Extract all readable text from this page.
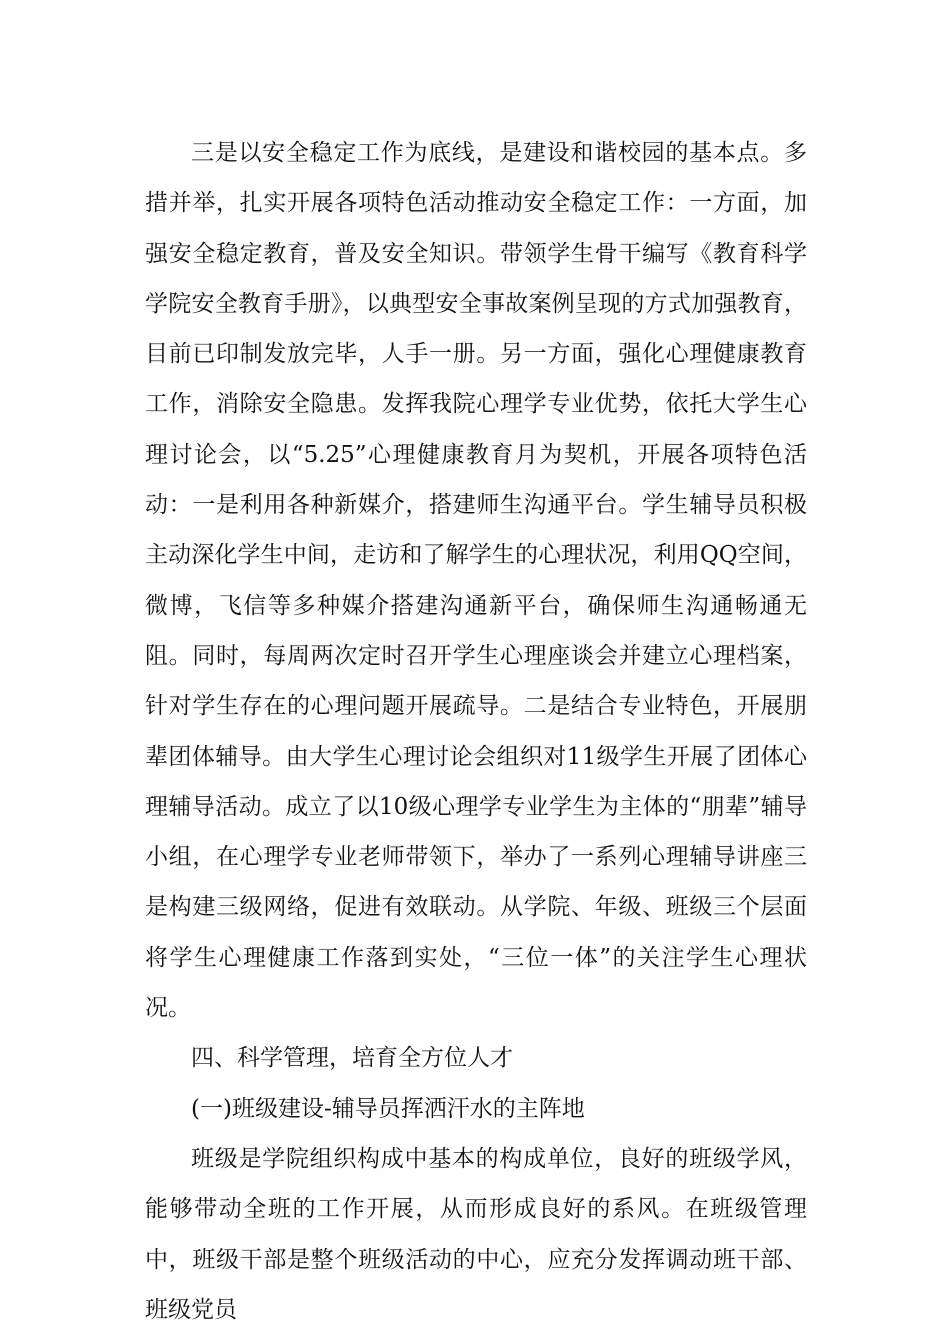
三是以安全稳定工作为底线，是建设和谐校园的基本点。多措并举，扎实开展各项特色活动推动安全稳定工作：一方面，加强安全稳定教育，普及安全知识。带领学生骨干编写《教育科学学院安全教育手册》，以典型安全事故案例呈现的方式加强教育，目前已印制发放完毕，人手一册。另一方面，强化心理健康教育工作，消除安全隐患。发挥我院心理学专业优势，依托大学生心理讨论会，以“5.25”心理健康教育月为契机，开展各项特色活动：一是利用各种新媒介，搭建师生沟通平台。学生辅导员积极主动深化学生中间，走访和了解学生的心理状况，利用QQ空间，微博，飞信等多种媒介搭建沟通新平台，确保师生沟通畅通无阻。同时，每周两次定时召开学生心理座谈会并建立心理档案，针对学生存在的心理问题开展疏导。二是结合专业特色，开展朋辈团体辅导。由大学生心理讨论会组织对11级学生开展了团体心理辅导活动。成立了以10级心理学专业学生为主体的“朋辈”辅导小组，在心理学专业老师带领下，举办了一系列心理辅导讲座三是构建三级网络，促进有效联动。从学院、年级、班级三个层面将学生心理健康工作落到实处，“三位一体”的关注学生心理状况。

四、科学管理，培育全方位人才

(一)班级建设-辅导员挥洒汗水的主阵地

班级是学院组织构成中基本的构成单位，良好的班级学风，能够带动全班的工作开展，从而形成良好的系风。在班级管理中，班级干部是整个班级活动的中心，应充分发挥调动班干部、班级党员
